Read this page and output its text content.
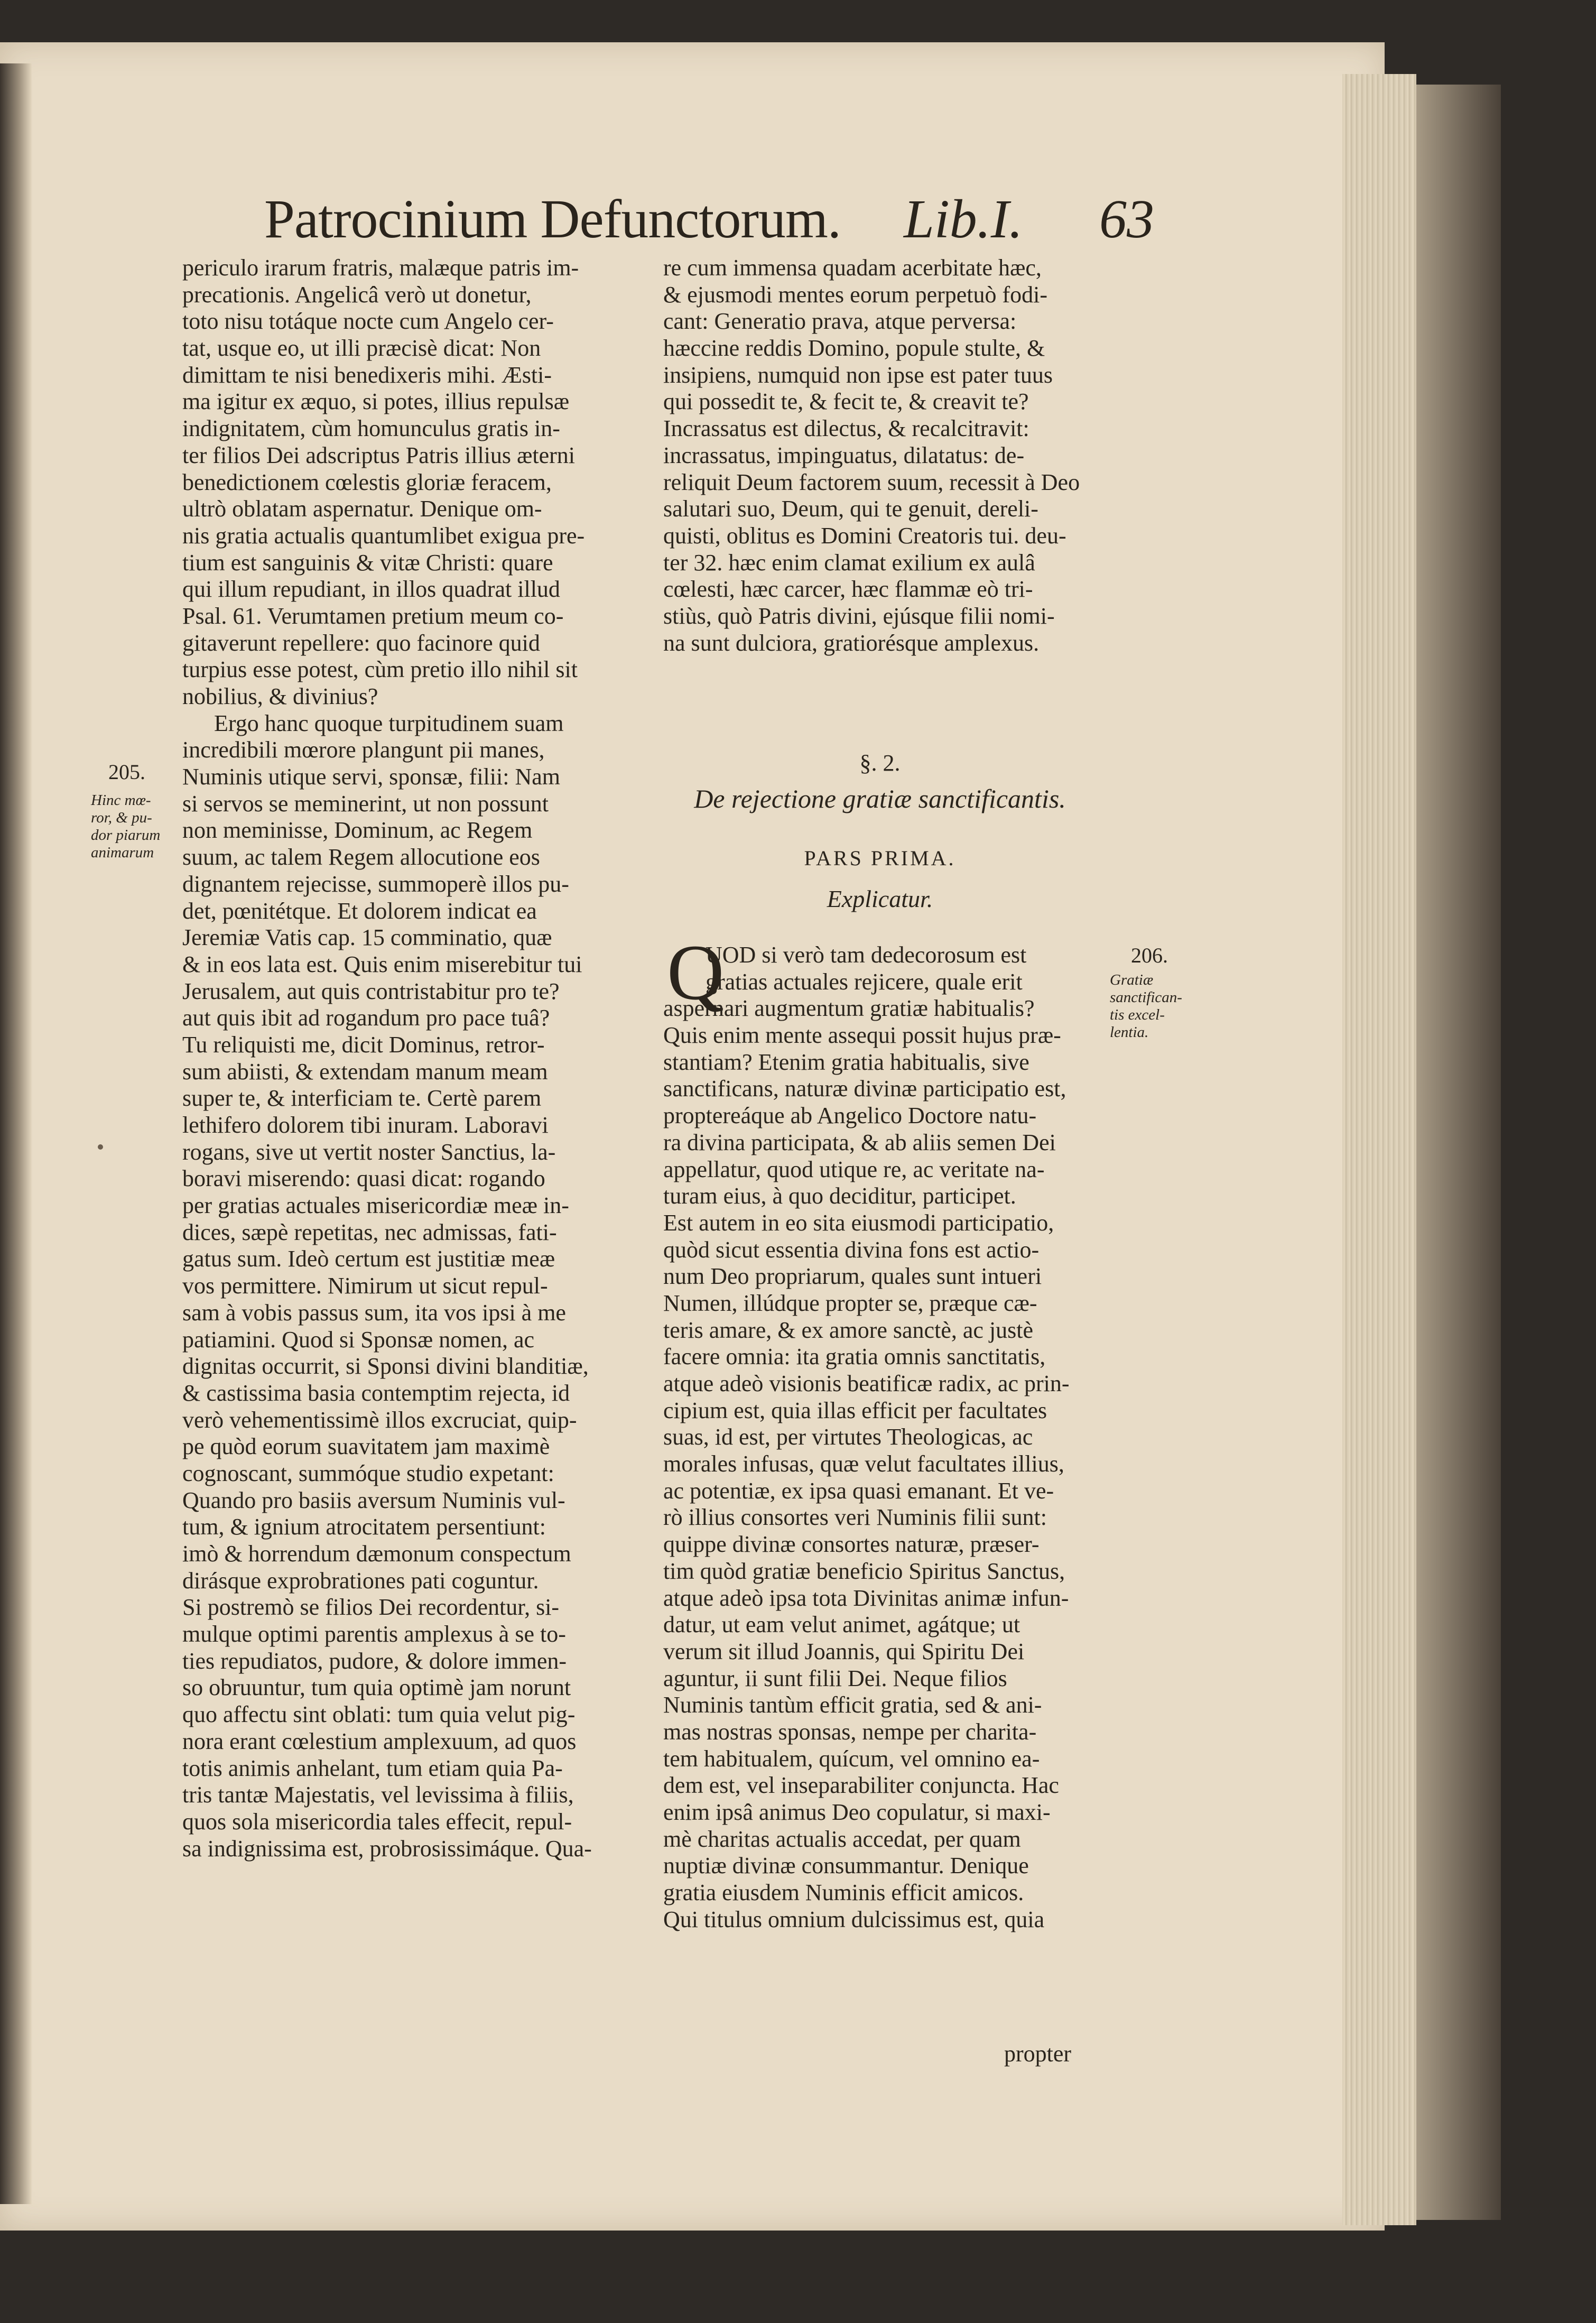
Patrocinium Defunctorum. Lib.I. 63
periculo irarum fratris, malæque patris im-
precationis. Angelicâ verò ut donetur,
toto nisu totáque nocte cum Angelo cer-
tat, usque eo, ut illi præcisè dicat: Non
dimittam te nisi benedixeris mihi. Æsti-
ma igitur ex æquo, si potes, illius repulsæ
indignitatem, cùm homunculus gratis in-
ter filios Dei adscriptus Patris illius æterni
benedictionem cœlestis gloriæ feracem,
ultrò oblatam aspernatur. Denique om-
nis gratia actualis quantumlibet exigua pre-
tium est sanguinis & vitæ Christi: quare
qui illum repudiant, in illos quadrat illud
Psal. 61. Verumtamen pretium meum co-
gitaverunt repellere: quo facinore quid
turpius esse potest, cùm pretio illo nihil sit
nobilius, & divinius?
Ergo hanc quoque turpitudinem suam
incredibili mœrore plangunt pii manes,
Numinis utique servi, sponsæ, filii: Nam
si servos se meminerint, ut non possunt
non meminisse, Dominum, ac Regem
suum, ac talem Regem allocutione eos
dignantem rejecisse, summoperè illos pu-
det, pœnitétque. Et dolorem indicat ea
Jeremiæ Vatis cap. 15 comminatio, quæ
& in eos lata est. Quis enim miserebitur tui
Jerusalem, aut quis contristabitur pro te?
aut quis ibit ad rogandum pro pace tuâ?
Tu reliquisti me, dicit Dominus, retror-
sum abiisti, & extendam manum meam
super te, & interficiam te. Certè parem
lethifero dolorem tibi inuram. Laboravi
rogans, sive ut vertit noster Sanctius, la-
boravi miserendo: quasi dicat: rogando
per gratias actuales misericordiæ meæ in-
dices, sæpè repetitas, nec admissas, fati-
gatus sum. Ideò certum est justitiæ meæ
vos permittere. Nimirum ut sicut repul-
sam à vobis passus sum, ita vos ipsi à me
patiamini. Quod si Sponsæ nomen, ac
dignitas occurrit, si Sponsi divini blanditiæ,
& castissima basia contemptim rejecta, id
verò vehementissimè illos excruciat, quip-
pe quòd eorum suavitatem jam maximè
cognoscant, summóque studio expetant:
Quando pro basiis aversum Numinis vul-
tum, & ignium atrocitatem persentiunt:
imò & horrendum dæmonum conspectum
dirásque exprobrationes pati coguntur.
Si postremò se filios Dei recordentur, si-
mulque optimi parentis amplexus à se to-
ties repudiatos, pudore, & dolore immen-
so obruuntur, tum quia optimè jam norunt
quo affectu sint oblati: tum quia velut pig-
nora erant cœlestium amplexuum, ad quos
totis animis anhelant, tum etiam quia Pa-
tris tantæ Majestatis, vel levissima à filiis,
quos sola misericordia tales effecit, repul-
sa indignissima est, probrosissimáque. Qua-
205.
Hinc mœ-
ror, & pu-
dor piarum
animarum
re cum immensa quadam acerbitate hæc,
& ejusmodi mentes eorum perpetuò fodi-
cant: Generatio prava, atque perversa:
hæccine reddis Domino, popule stulte, &
insipiens, numquid non ipse est pater tuus
qui possedit te, & fecit te, & creavit te?
Incrassatus est dilectus, & recalcitravit:
incrassatus, impinguatus, dilatatus: de-
reliquit Deum factorem suum, recessit à Deo
salutari suo, Deum, qui te genuit, dereli-
quisti, oblitus es Domini Creatoris tui. deu-
ter 32. hæc enim clamat exilium ex aulâ
cœlesti, hæc carcer, hæc flammæ eò tri-
stiùs, quò Patris divini, ejúsque filii nomi-
na sunt dulciora, gratiorésque amplexus.
§. 2.
De rejectione gratiæ sanctificantis.
PARS PRIMA.
Explicatur.
Q
UOD si verò tam dedecorosum est
gratias actuales rejicere, quale erit
aspernari augmentum gratiæ habitualis?
Quis enim mente assequi possit hujus præ-
stantiam? Etenim gratia habitualis, sive
sanctificans, naturæ divinæ participatio est,
proptereáque ab Angelico Doctore natu-
ra divina participata, & ab aliis semen Dei
appellatur, quod utique re, ac veritate na-
turam eius, à quo deciditur, participet.
Est autem in eo sita eiusmodi participatio,
quòd sicut essentia divina fons est actio-
num Deo propriarum, quales sunt intueri
Numen, illúdque propter se, præque cæ-
teris amare, & ex amore sanctè, ac justè
facere omnia: ita gratia omnis sanctitatis,
atque adeò visionis beatificæ radix, ac prin-
cipium est, quia illas efficit per facultates
suas, id est, per virtutes Theologicas, ac
morales infusas, quæ velut facultates illius,
ac potentiæ, ex ipsa quasi emanant. Et ve-
rò illius consortes veri Numinis filii sunt:
quippe divinæ consortes naturæ, præser-
tim quòd gratiæ beneficio Spiritus Sanctus,
atque adeò ipsa tota Divinitas animæ infun-
datur, ut eam velut animet, agátque; ut
verum sit illud Joannis, qui Spiritu Dei
aguntur, ii sunt filii Dei. Neque filios
Numinis tantùm efficit gratia, sed & ani-
mas nostras sponsas, nempe per charita-
tem habitualem, quícum, vel omnino ea-
dem est, vel inseparabiliter conjuncta. Hac
enim ipsâ animus Deo copulatur, si maxi-
mè charitas actualis accedat, per quam
nuptiæ divinæ consummantur. Denique
gratia eiusdem Numinis efficit amicos.
Qui titulus omnium dulcissimus est, quia
propter
206.
Gratiæ
sanctifican-
tis excel-
lentia.
